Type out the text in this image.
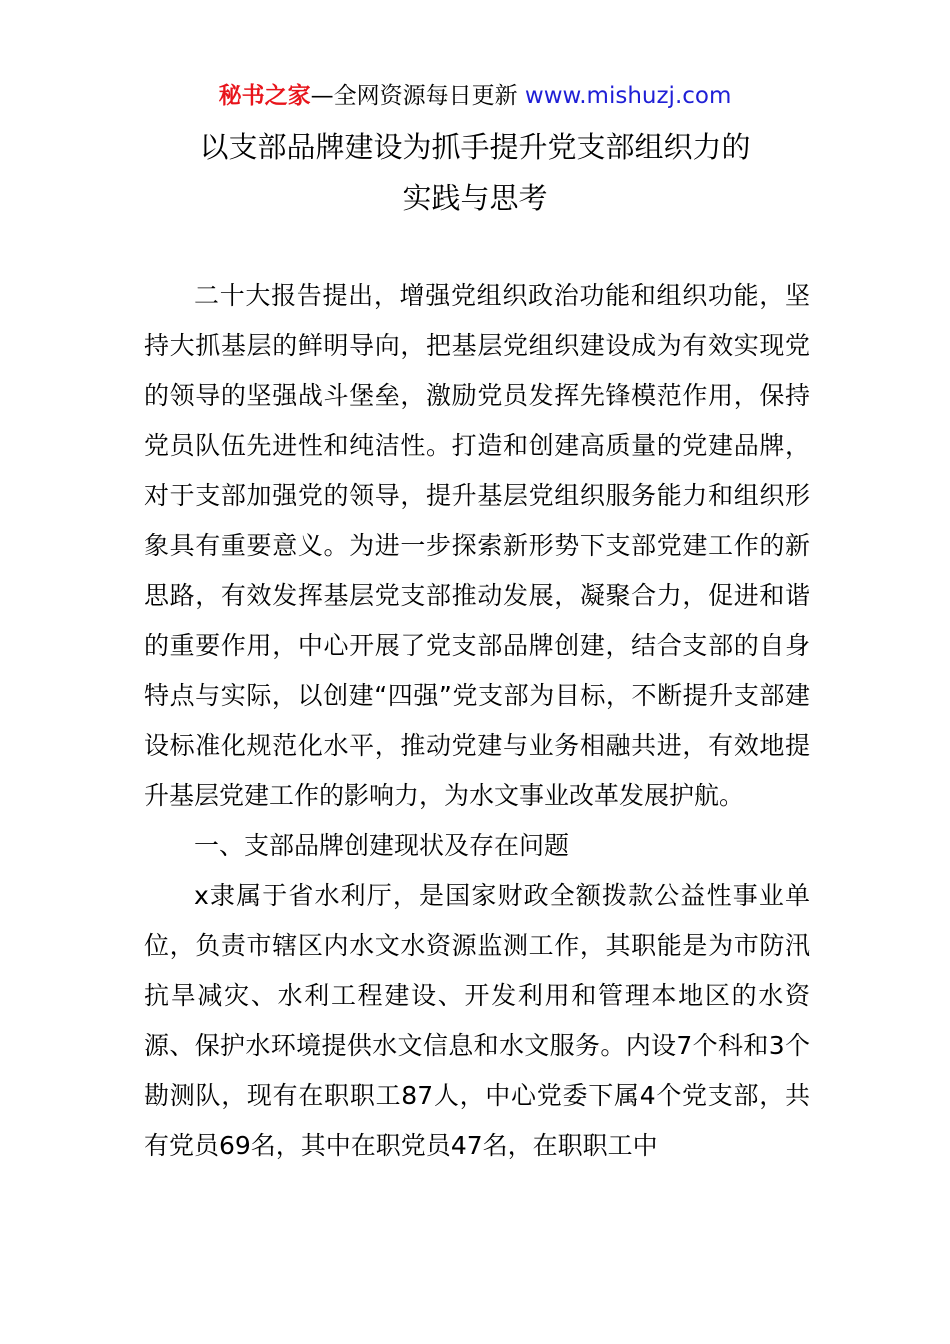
秘书之家—全网资源每日更新 www.mishuzj.com
以支部品牌建设为抓手提升党支部组织力的
实践与思考

二十大报告提出，增强党组织政治功能和组织功能，坚持大抓基层的鲜明导向，把基层党组织建设成为有效实现党的领导的坚强战斗堡垒，激励党员发挥先锋模范作用，保持党员队伍先进性和纯洁性。打造和创建高质量的党建品牌，对于支部加强党的领导，提升基层党组织服务能力和组织形象具有重要意义。为进一步探索新形势下支部党建工作的新思路，有效发挥基层党支部推动发展，凝聚合力，促进和谐的重要作用，中心开展了党支部品牌创建，结合支部的自身特点与实际，以创建“四强”党支部为目标，不断提升支部建设标准化规范化水平，推动党建与业务相融共进，有效地提升基层党建工作的影响力，为水文事业改革发展护航。

一、支部品牌创建现状及存在问题

x隶属于省水利厅，是国家财政全额拨款公益性事业单位，负责市辖区内水文水资源监测工作，其职能是为市防汛抗旱减灾、水利工程建设、开发利用和管理本地区的水资源、保护水环境提供水文信息和水文服务。内设7个科和3个勘测队，现有在职职工87人，中心党委下属4个党支部，共有党员69名，其中在职党员47名，在职职工中
